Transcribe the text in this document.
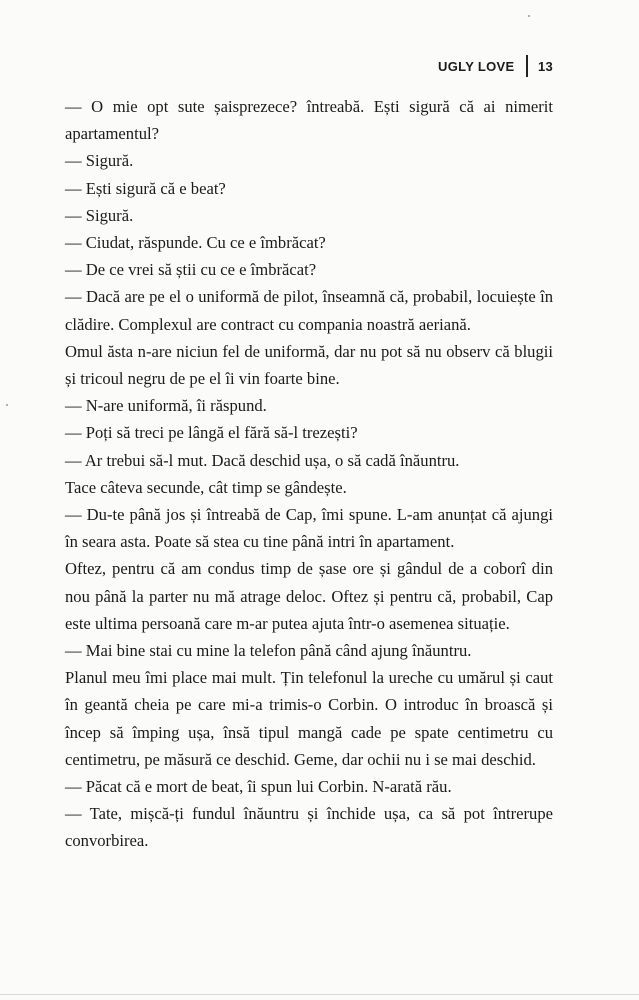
UGLY LOVE 13

— O mie opt sute șaisprezece? întreabă. Ești sigură că ai nimerit apartamentul?

— Sigură.

— Ești sigură că e beat?

— Sigură.

— Ciudat, răspunde. Cu ce e îmbrăcat?

— De ce vrei să știi cu ce e îmbrăcat?

— Dacă are pe el o uniformă de pilot, înseamnă că, probabil, locuiește în clădire. Complexul are contract cu compania noastră aeriană.

Omul ăsta n-are niciun fel de uniformă, dar nu pot să nu observ că blugii și tricoul negru de pe el îi vin foarte bine.

— N-are uniformă, îi răspund.

— Poți să treci pe lângă el fără să-l trezești?

— Ar trebui să-l mut. Dacă deschid ușa, o să cadă înăuntru.

Tace câteva secunde, cât timp se gândește.

— Du-te până jos și întreabă de Cap, îmi spune. L-am anunțat că ajungi în seara asta. Poate să stea cu tine până intri în apartament.

Oftez, pentru că am condus timp de șase ore și gândul de a coborî din nou până la parter nu mă atrage deloc. Oftez și pentru că, probabil, Cap este ultima persoană care m-ar putea ajuta într-o asemenea situație.

— Mai bine stai cu mine la telefon până când ajung înăuntru.

Planul meu îmi place mai mult. Țin telefonul la ureche cu umărul și caut în geantă cheia pe care mi-a trimis-o Corbin. O introduc în broască și încep să împing ușa, însă tipul mangă cade pe spate centimetru cu centimetru, pe măsură ce deschid. Geme, dar ochii nu i se mai deschid.

— Păcat că e mort de beat, îi spun lui Corbin. N-arată rău.

— Tate, mișcă-ți fundul înăuntru și închide ușa, ca să pot întrerupe convorbirea.
